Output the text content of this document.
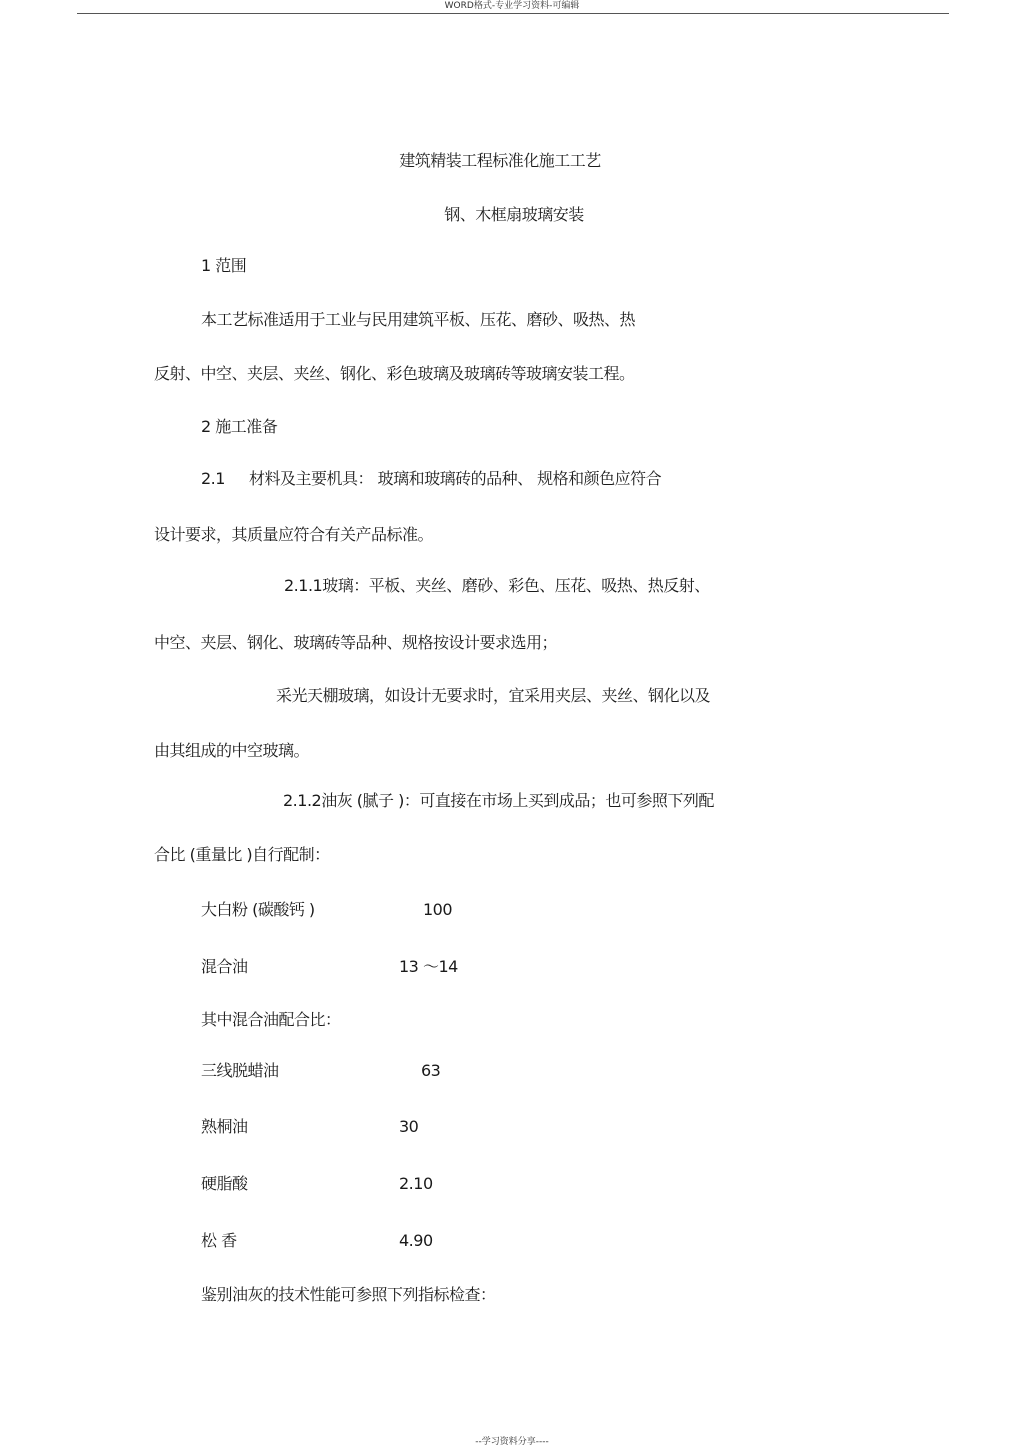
WORD格式-专业学习资料-可编辑
建筑精装工程标准化施工工艺
钢、木框扇玻璃安装
1 范围
本工艺标准适用于工业与民用建筑平板、压花、磨砂、吸热、热
反射、中空、夹层、夹丝、钢化、彩色玻璃及玻璃砖等玻璃安装工程。
2 施工准备
2.1 材料及主要机具： 玻璃和玻璃砖的品种、 规格和颜色应符合
设计要求，其质量应符合有关产品标准。
2.1.1玻璃：平板、夹丝、磨砂、彩色、压花、吸热、热反射、
中空、夹层、钢化、玻璃砖等品种、规格按设计要求选用；
采光天棚玻璃，如设计无要求时，宜采用夹层、夹丝、钢化以及
由其组成的中空玻璃。
2.1.2油灰 (腻子 )：可直接在市场上买到成品；也可参照下列配
合比 (重量比 )自行配制：
大白粉 (碳酸钙 )	100
混合油	13 ～14
其中混合油配合比：
三线脱蜡油	63
熟桐油	30
硬脂酸	2.10
松 香	4.90
鉴别油灰的技术性能可参照下列指标检查：
--学习资料分享----
